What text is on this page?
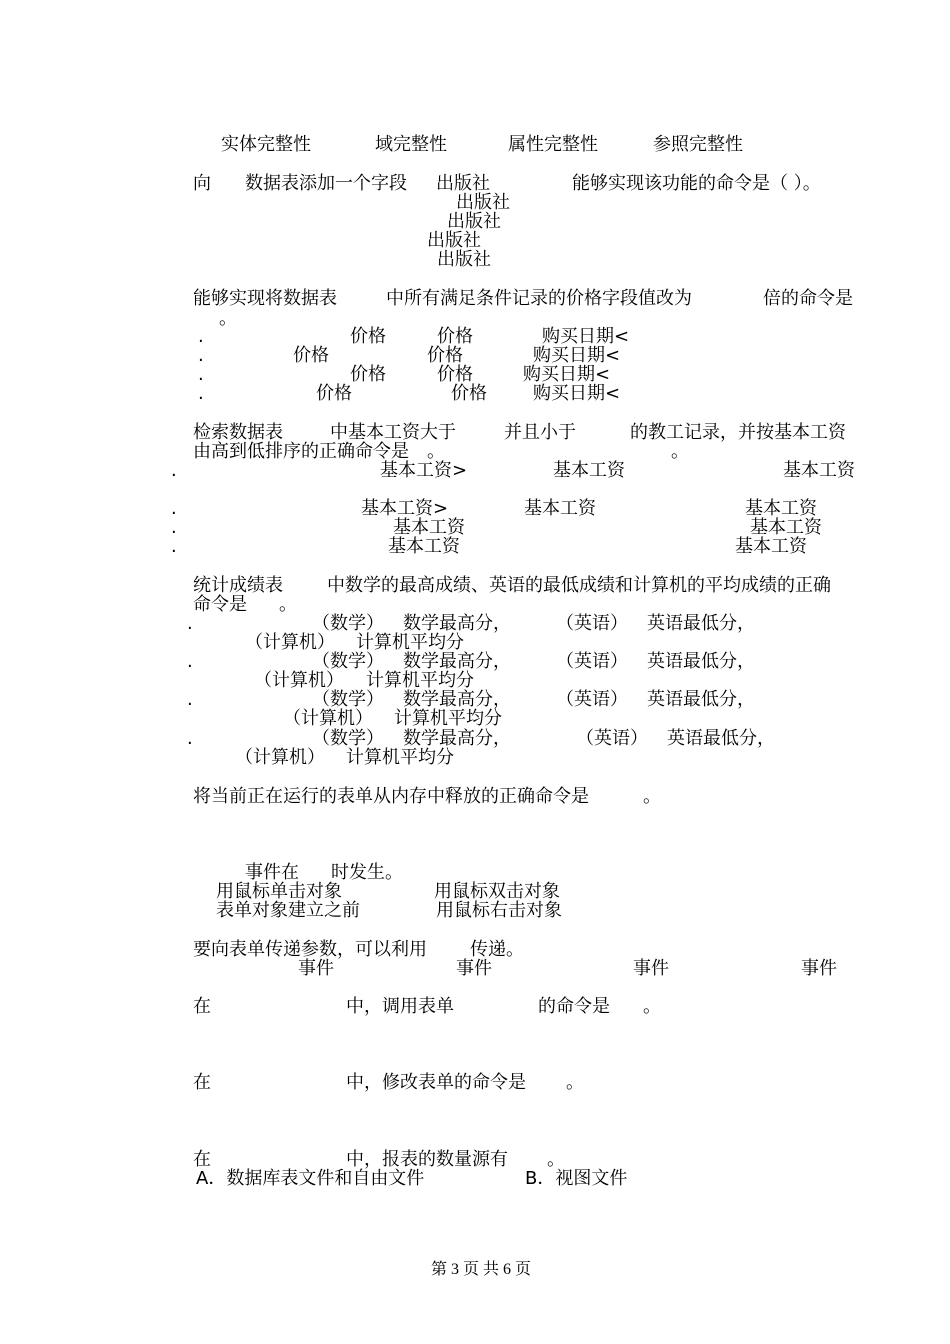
实体完整性	域完整性	属性完整性	参照完整性
向 数据表添加一个字段 出版社	能够实现该功能的命令是（ ）。
出版社
出版社
出版社
出版社
能够实现将数据表	中所有满足条件记录的价格字段值改为	倍的命令是
。
.	价格	价格	购买日期<
.	价格	价格	购买日期<
.	价格	价格	购买日期<
.	价格	价格	购买日期<
检索数据表	中基本工资大于	并且小于	的教工记录，并按基本工资
由高到低排序的正确命令是 。	。
.	基本工资>	基本工资	基本工资
.	基本工资>	基本工资	基本工资
.	基本工资	基本工资
.	基本工资	基本工资
统计成绩表 中数学的最高成绩、英语的最低成绩和计算机的平均成绩的正确
命令是 。
.	（数学） 数学最高分，	（英语） 英语最低分，
（计算机） 计算机平均分
.	（数学） 数学最高分，	（英语） 英语最低分，
（计算机） 计算机平均分
.	（数学） 数学最高分，	（英语） 英语最低分，
（计算机） 计算机平均分
.	（数学） 数学最高分，	（英语） 英语最低分，
（计算机） 计算机平均分
将当前正在运行的表单从内存中释放的正确命令是	。
事件在 时发生。
用鼠标单击对象	用鼠标双击对象
表单对象建立之前	用鼠标右击对象
要向表单传递参数，可以利用 传递。
事件	事件	事件	事件
在	中，调用表单	的命令是 。
在	中，修改表单的命令是 。
在	中，报表的数量源有 。
A．数据库表文件和自由文件	B．视图文件
第 3 页 共 6 页
